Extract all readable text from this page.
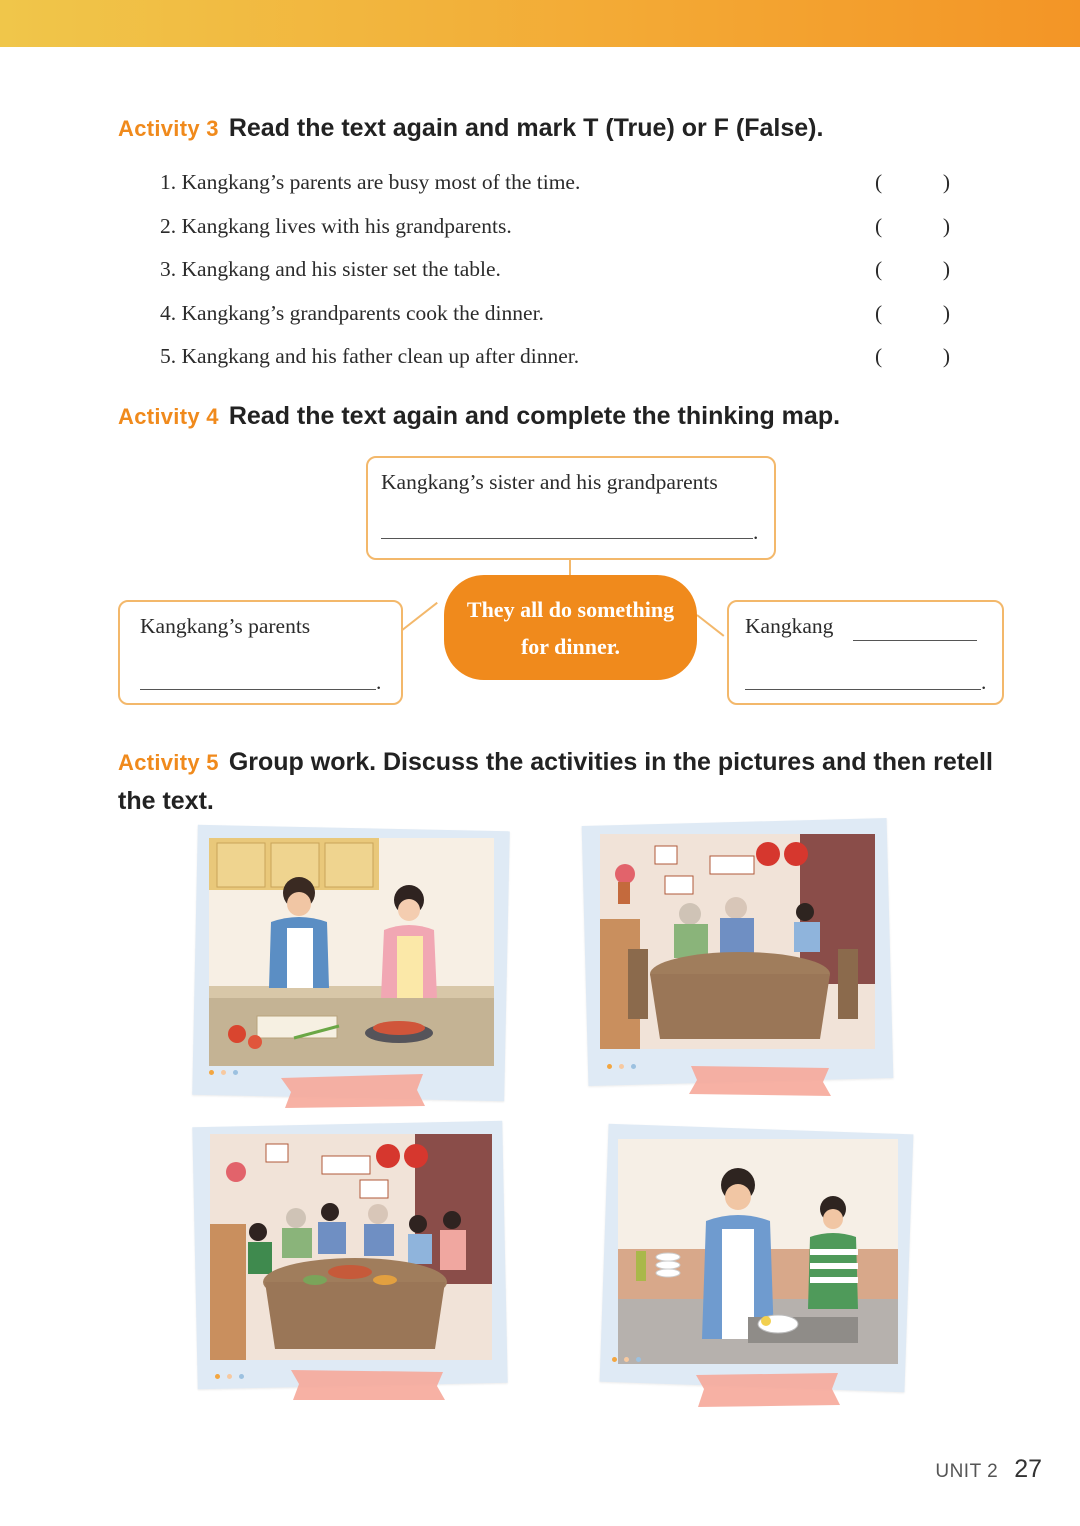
Activity 3 Read the text again and mark T (True) or F (False).
1. Kangkang’s parents are busy most of the time.	(	)
2. Kangkang lives with his grandparents.	(	)
3. Kangkang and his sister set the table.	(	)
4. Kangkang’s grandparents cook the dinner.	(	)
5. Kangkang and his father clean up after dinner.	(	)
Activity 4 Read the text again and complete the thinking map.
Kangkang’s sister and his grandparents
.
Kangkang’s parents
.
They all do something
for dinner.
Kangkang
.
Activity 5 Group work. Discuss the activities in the pictures and then retell the text.
UNIT 2 27
